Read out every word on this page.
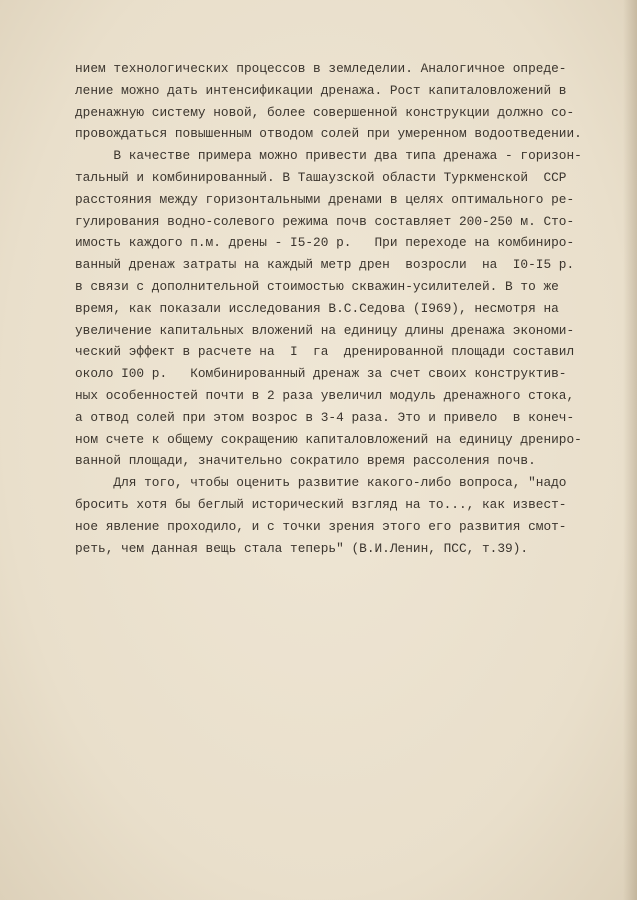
нием технологических процессов в земледелии. Аналогичное опреде-
ление можно дать интенсификации дренажа. Рост капиталовложений в
дренажную систему новой, более совершенной конструкции должно со-
провождаться повышенным отводом солей при умеренном водоотведении.
В качестве примера можно привести два типа дренажа - горизон-
тальный и комбинированный. В Ташаузской области Туркменской  ССР
расстояния между горизонтальными дренами в целях оптимального ре-
гулирования водно-солевого режима почв составляет 200-250 м. Сто-
имость каждого п.м. дрены - I5-20 р.   При переходе на комбиниро-
ванный дренаж затраты на каждый метр дрен  возросли  на  I0-I5 р.
в связи с дополнительной стоимостью скважин-усилителей. В то же
время, как показали исследования В.С.Седова (I969), несмотря на
увеличение капитальных вложений на единицу длины дренажа экономи-
ческий эффект в расчете на  I  га  дренированной площади составил
около I00 р.   Комбинированный дренаж за счет своих конструктив-
ных особенностей почти в 2 раза увеличил модуль дренажного стока,
а отвод солей при этом возрос в 3-4 раза. Это и привело  в конеч-
ном счете к общему сокращению капиталовложений на единицу дрениро-
ванной площади, значительно сократило время рассоления почв.
Для того, чтобы оценить развитие какого-либо вопроса, "надо
бросить хотя бы беглый исторический взгляд на то..., как извест-
ное явление проходило, и с точки зрения этого его развития смот-
реть, чем данная вещь стала теперь" (В.И.Ленин, ПСС, т.39).
